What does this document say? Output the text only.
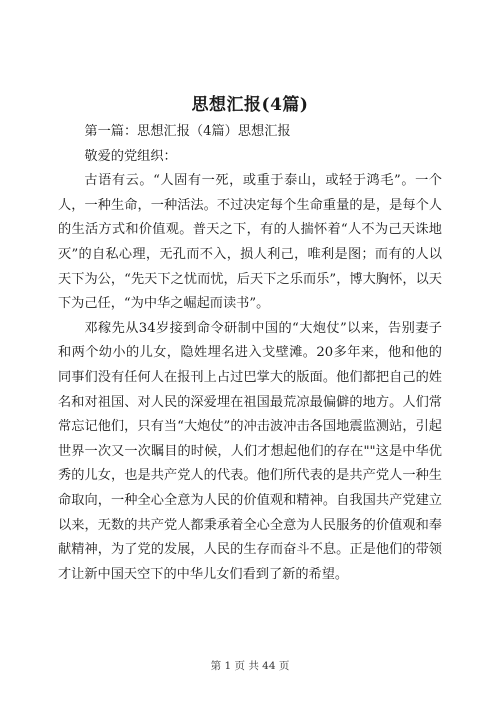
思想汇报(4篇)

第一篇：思想汇报（4篇）思想汇报

敬爱的党组织：

古语有云。“人固有一死，或重于泰山，或轻于鸿毛”。一个人，一种生命，一种活法。不过决定每个生命重量的是，是每个人的生活方式和价值观。普天之下，有的人揣怀着“人不为己天诛地灭”的自私心理，无孔而不入，损人利己，唯利是图；而有的人以天下为公，“先天下之忧而忧，后天下之乐而乐”，博大胸怀，以天下为己任，“为中华之崛起而读书”。

邓稼先从34岁接到命令研制中国的“大炮仗”以来，告别妻子和两个幼小的儿女，隐姓埋名进入戈壁滩。20多年来，他和他的同事们没有任何人在报刊上占过巴掌大的版面。他们都把自己的姓名和对祖国、对人民的深爱埋在祖国最荒凉最偏僻的地方。人们常常忘记他们，只有当“大炮仗”的冲击波冲击各国地震监测站，引起世界一次又一次瞩目的时候，人们才想起他们的存在""这是中华优秀的儿女，也是共产党人的代表。他们所代表的是共产党人一种生命取向，一种全心全意为人民的价值观和精神。自我国共产党建立以来，无数的共产党人都秉承着全心全意为人民服务的价值观和奉献精神，为了党的发展，人民的生存而奋斗不息。正是他们的带领才让新中国天空下的中华儿女们看到了新的希望。

第 1 页 共 44 页
